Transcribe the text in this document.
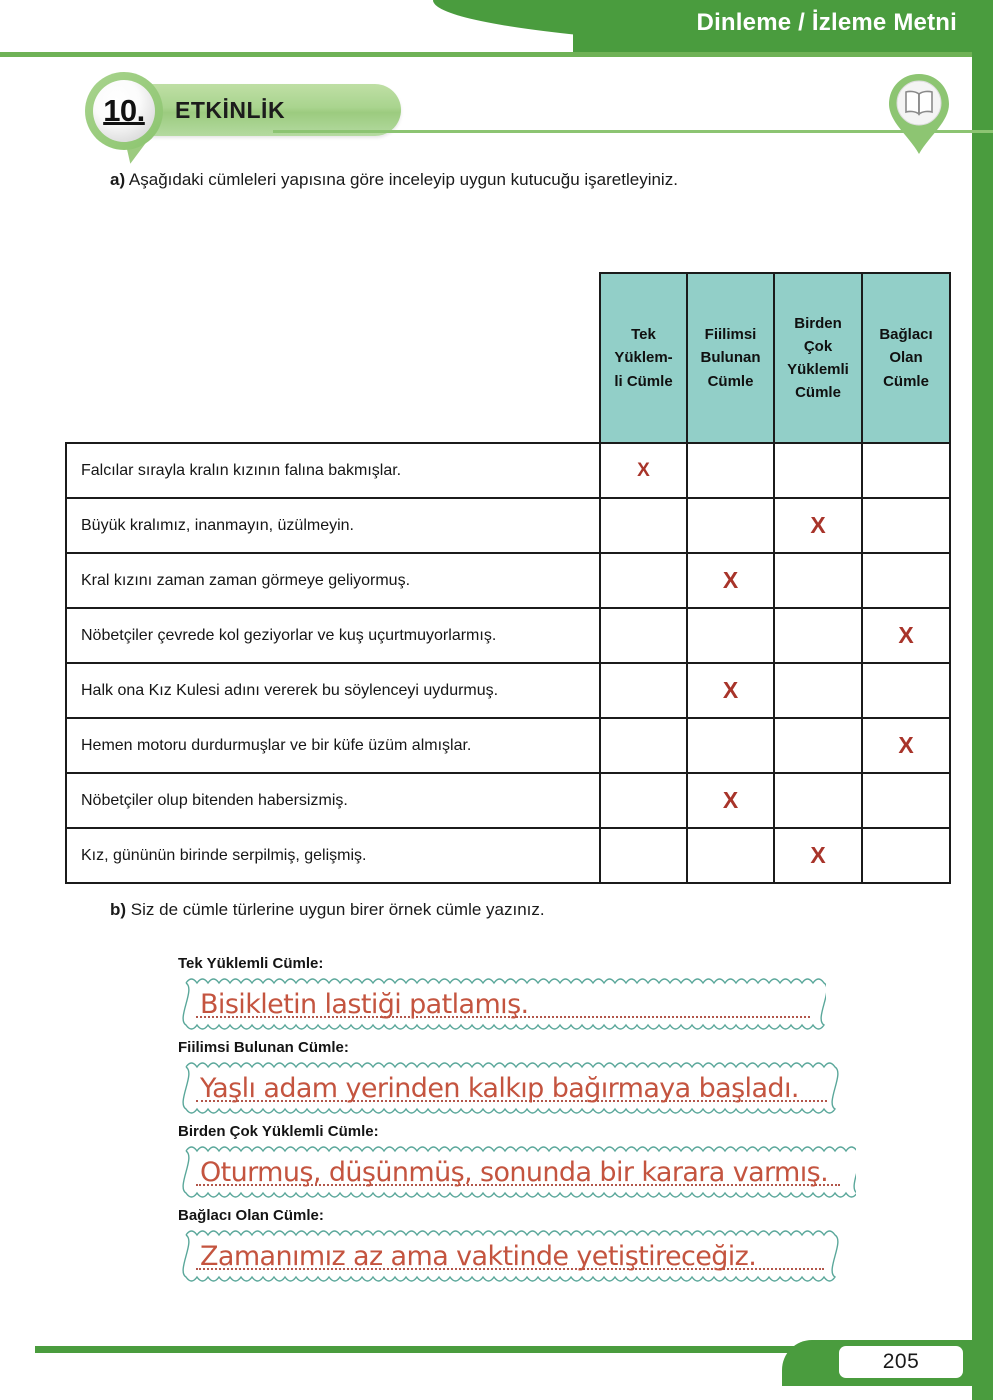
Dinleme / İzleme Metni
10. ETKİNLİK
a) Aşağıdaki cümleleri yapısına göre inceleyip uygun kutucuğu işaretleyiniz.

Tek
Yüklem-
li Cümle

Fiilimsi
Bulunan
Cümle

Birden
Çok
Yüklemli
Cümle

Bağlacı
Olan
Cümle

Falcılar sırayla kralın kızının falına bakmışlar.	X			
Büyük kralımız, inanmayın, üzülmeyin.			X	
Kral kızını zaman zaman görmeye geliyormuş.		X		
Nöbetçiler çevrede kol geziyorlar ve kuş uçurtmuyorlarmış.				X
Halk ona Kız Kulesi adını vererek bu söylenceyi uydurmuş.		X		
Hemen motoru durdurmuşlar ve bir küfe üzüm almışlar.				X
Nöbetçiler olup bitenden habersizmiş.		X		
Kız, gününün birinde serpilmiş, gelişmiş.			X	
b) Siz de cümle türlerine uygun birer örnek cümle yazınız.
Tek Yüklemli Cümle:
Bisikletin lastiği patlamış.
Fiilimsi Bulunan Cümle:
Yaşlı adam yerinden kalkıp bağırmaya başladı.
Birden Çok Yüklemli Cümle:
Oturmuş, düşünmüş, sonunda bir karara varmış.
Bağlacı Olan Cümle:
Zamanımız az ama vaktinde yetiştireceğiz.
205
